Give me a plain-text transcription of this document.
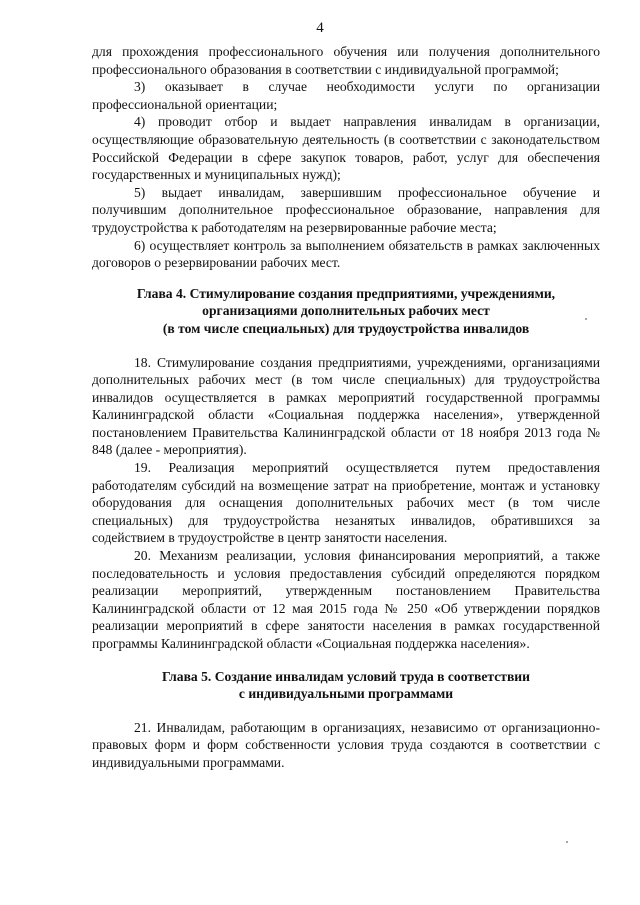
4

для прохождения профессионального обучения или получения дополнительного профессионального образования в соответствии с индивидуальной программой;

3) оказывает в случае необходимости услуги по организации профессиональной ориентации;

4) проводит отбор и выдает направления инвалидам в организации, осуществляющие образовательную деятельность (в соответствии с законодательством Российской Федерации в сфере закупок товаров, работ, услуг для обеспечения государственных и муниципальных нужд);

5) выдает инвалидам, завершившим профессиональное обучение и получившим дополнительное профессиональное образование, направления для трудоустройства к работодателям на резервированные рабочие места;

6) осуществляет контроль за выполнением обязательств в рамках заключенных договоров о резервировании рабочих мест.

Глава 4. Стимулирование создания предприятиями, учреждениями,

организациями дополнительных рабочих мест

(в том числе специальных) для трудоустройства инвалидов

18. Стимулирование создания предприятиями, учреждениями, организациями дополнительных рабочих мест (в том числе специальных) для трудоустройства инвалидов осуществляется в рамках мероприятий государственной программы Калининградской области «Социальная поддержка населения», утвержденной постановлением Правительства Калининградской области от 18 ноября 2013 года № 848 (далее - мероприятия).

19. Реализация мероприятий осуществляется путем предоставления работодателям субсидий на возмещение затрат на приобретение, монтаж и установку оборудования для оснащения дополнительных рабочих мест (в том числе специальных) для трудоустройства незанятых инвалидов, обратившихся за содействием в трудоустройстве в центр занятости населения.

20. Механизм реализации, условия финансирования мероприятий, а также последовательность и условия предоставления субсидий определяются порядком реализации мероприятий, утвержденным постановлением Правительства Калининградской области от 12 мая 2015 года № 250 «Об утверждении порядков реализации мероприятий в сфере занятости населения в рамках государственной программы Калининградской области «Социальная поддержка населения».

Глава 5. Создание инвалидам условий труда в соответствии

с индивидуальными программами

21. Инвалидам, работающим в организациях, независимо от организационно-правовых форм и форм собственности условия труда создаются в соответствии с индивидуальными программами.
